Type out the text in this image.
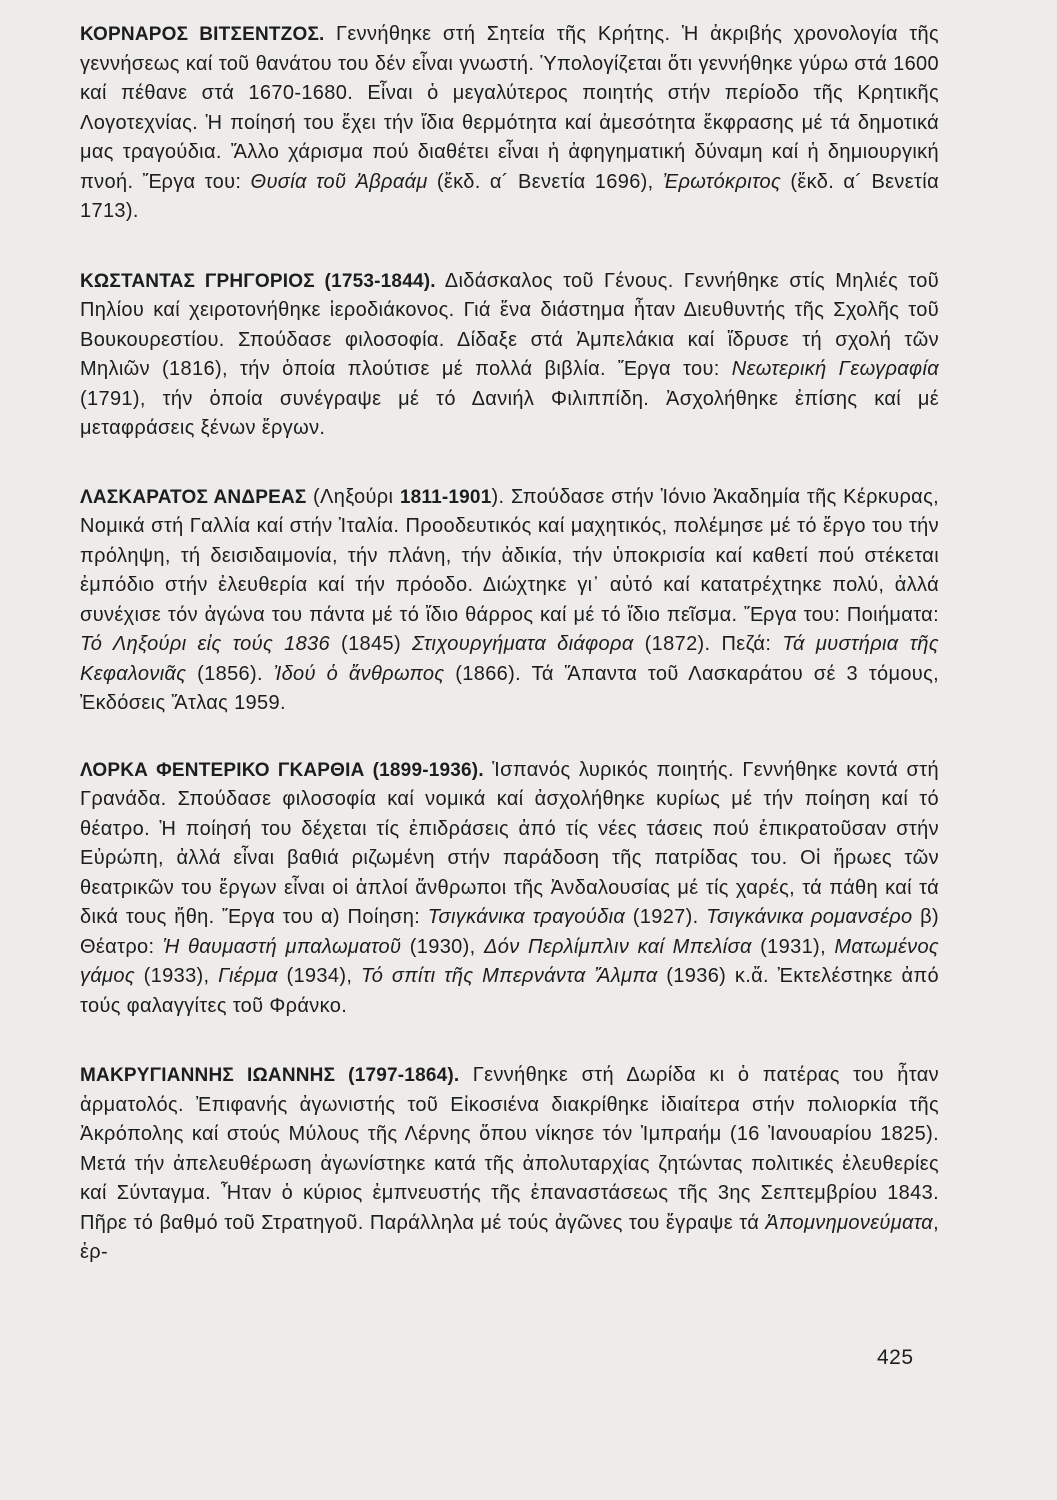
ΚΟΡΝΑΡΟΣ ΒΙΤΣΕΝΤΖΟΣ. Γεννήθηκε στή Σητεία τῆς Κρήτης. Ἡ ἀκριβής χρονολογία τῆς γεννήσεως καί τοῦ θανάτου του δέν εἶναι γνωστή. Ὑπολογίζεται ὅτι γεννήθηκε γύρω στά 1600 καί πέθανε στά 1670-1680. Εἶναι ὁ μεγαλύτερος ποιητής στήν περίοδο τῆς Κρητικῆς Λογοτεχνίας. Ἡ ποίησή του ἔχει τήν ἴδια θερμότητα καί ἀμεσότητα ἔκφρασης μέ τά δημοτικά μας τραγούδια. Ἄλλο χάρισμα πού διαθέτει εἶναι ἡ ἀφηγηματική δύναμη καί ἡ δημιουργική πνοή. Ἔργα του: Θυσία τοῦ Ἀβραάμ (ἔκδ. α´ Βενετία 1696), Ἐρωτόκριτος (ἔκδ. α´ Βενετία 1713).

ΚΩΣΤΑΝΤΑΣ ΓΡΗΓΟΡΙΟΣ (1753-1844). Διδάσκαλος τοῦ Γένους. Γεννήθηκε στίς Μηλιές τοῦ Πηλίου καί χειροτονήθηκε ἱεροδιάκονος. Γιά ἕνα διάστημα ἦταν Διευθυντής τῆς Σχολῆς τοῦ Βουκουρεστίου. Σπούδασε φιλοσοφία. Δίδαξε στά Ἀμπελάκια καί ἵδρυσε τή σχολή τῶν Μηλιῶν (1816), τήν ὁποία πλούτισε μέ πολλά βιβλία. Ἔργα του: Νεωτερική Γεωγραφία (1791), τήν ὁποία συνέγραψε μέ τό Δανιήλ Φιλιππίδη. Ἀσχολήθηκε ἐπίσης καί μέ μεταφράσεις ξένων ἔργων.

ΛΑΣΚΑΡΑΤΟΣ ΑΝΔΡΕΑΣ (Ληξούρι 1811-1901). Σπούδασε στήν Ἰόνιο Ἀκαδημία τῆς Κέρκυρας, Νομικά στή Γαλλία καί στήν Ἰταλία. Προοδευτικός καί μαχητικός, πολέμησε μέ τό ἔργο του τήν πρόληψη, τή δεισιδαιμονία, τήν πλάνη, τήν ἀδικία, τήν ὑποκρισία καί καθετί πού στέκεται ἐμπόδιο στήν ἐλευθερία καί τήν πρόοδο. Διώχτηκε γι᾽ αὐτό καί κατατρέχτηκε πολύ, ἀλλά συνέχισε τόν ἀγώνα του πάντα μέ τό ἴδιο θάρρος καί μέ τό ἴδιο πεῖσμα. Ἔργα του: Ποιήματα: Τό Ληξούρι εἰς τούς 1836 (1845) Στιχουργήματα διάφορα (1872). Πεζά: Τά μυστήρια τῆς Κεφαλονιᾶς (1856). Ἰδού ὁ ἄνθρωπος (1866). Τά Ἅπαντα τοῦ Λασκαράτου σέ 3 τόμους, Ἐκδόσεις Ἄτλας 1959.

ΛΟΡΚΑ ΦΕΝΤΕΡΙΚΟ ΓΚΑΡΘΙΑ (1899-1936). Ἱσπανός λυρικός ποιητής. Γεννήθηκε κοντά στή Γρανάδα. Σπούδασε φιλοσοφία καί νομικά καί ἀσχολήθηκε κυρίως μέ τήν ποίηση καί τό θέατρο. Ἡ ποίησή του δέχεται τίς ἐπιδράσεις ἀπό τίς νέες τάσεις πού ἐπικρατοῦσαν στήν Εὐρώπη, ἀλλά εἶναι βαθιά ριζωμένη στήν παράδοση τῆς πατρίδας του. Οἱ ἥρωες τῶν θεατρικῶν του ἔργων εἶναι οἱ ἁπλοί ἄνθρωποι τῆς Ἀνδαλουσίας μέ τίς χαρές, τά πάθη καί τά δικά τους ἤθη. Ἔργα του α) Ποίηση: Τσιγκάνικα τραγούδια (1927). Τσιγκάνικα ρομανσέρο β) Θέατρο: Ἡ θαυμαστή μπαλωματοῦ (1930), Δόν Περλίμπλιν καί Μπελίσα (1931), Ματωμένος γάμος (1933), Γιέρμα (1934), Τό σπίτι τῆς Μπερνάντα Ἄλμπα (1936) κ.ἄ. Ἐκτελέστηκε ἀπό τούς φαλαγγίτες τοῦ Φράνκο.

ΜΑΚΡΥΓΙΑΝΝΗΣ ΙΩΑΝΝΗΣ (1797-1864). Γεννήθηκε στή Δωρίδα κι ὁ πατέρας του ἦταν ἁρματολός. Ἐπιφανής ἀγωνιστής τοῦ Εἰκοσιένα διακρίθηκε ἰδιαίτερα στήν πολιορκία τῆς Ἀκρόπολης καί στούς Μύλους τῆς Λέρνης ὅπου νίκησε τόν Ἰμπραήμ (16 Ἰανουαρίου 1825). Μετά τήν ἀπελευθέρωση ἀγωνίστηκε κατά τῆς ἀπολυταρχίας ζητώντας πολιτικές ἐλευθερίες καί Σύνταγμα. Ἦταν ὁ κύριος ἐμπνευστής τῆς ἐπαναστάσεως τῆς 3ης Σεπτεμβρίου 1843. Πῆρε τό βαθμό τοῦ Στρατηγοῦ. Παράλληλα μέ τούς ἀγῶνες του ἔγραψε τά Ἀπομνημονεύματα, ἐρ-

425
